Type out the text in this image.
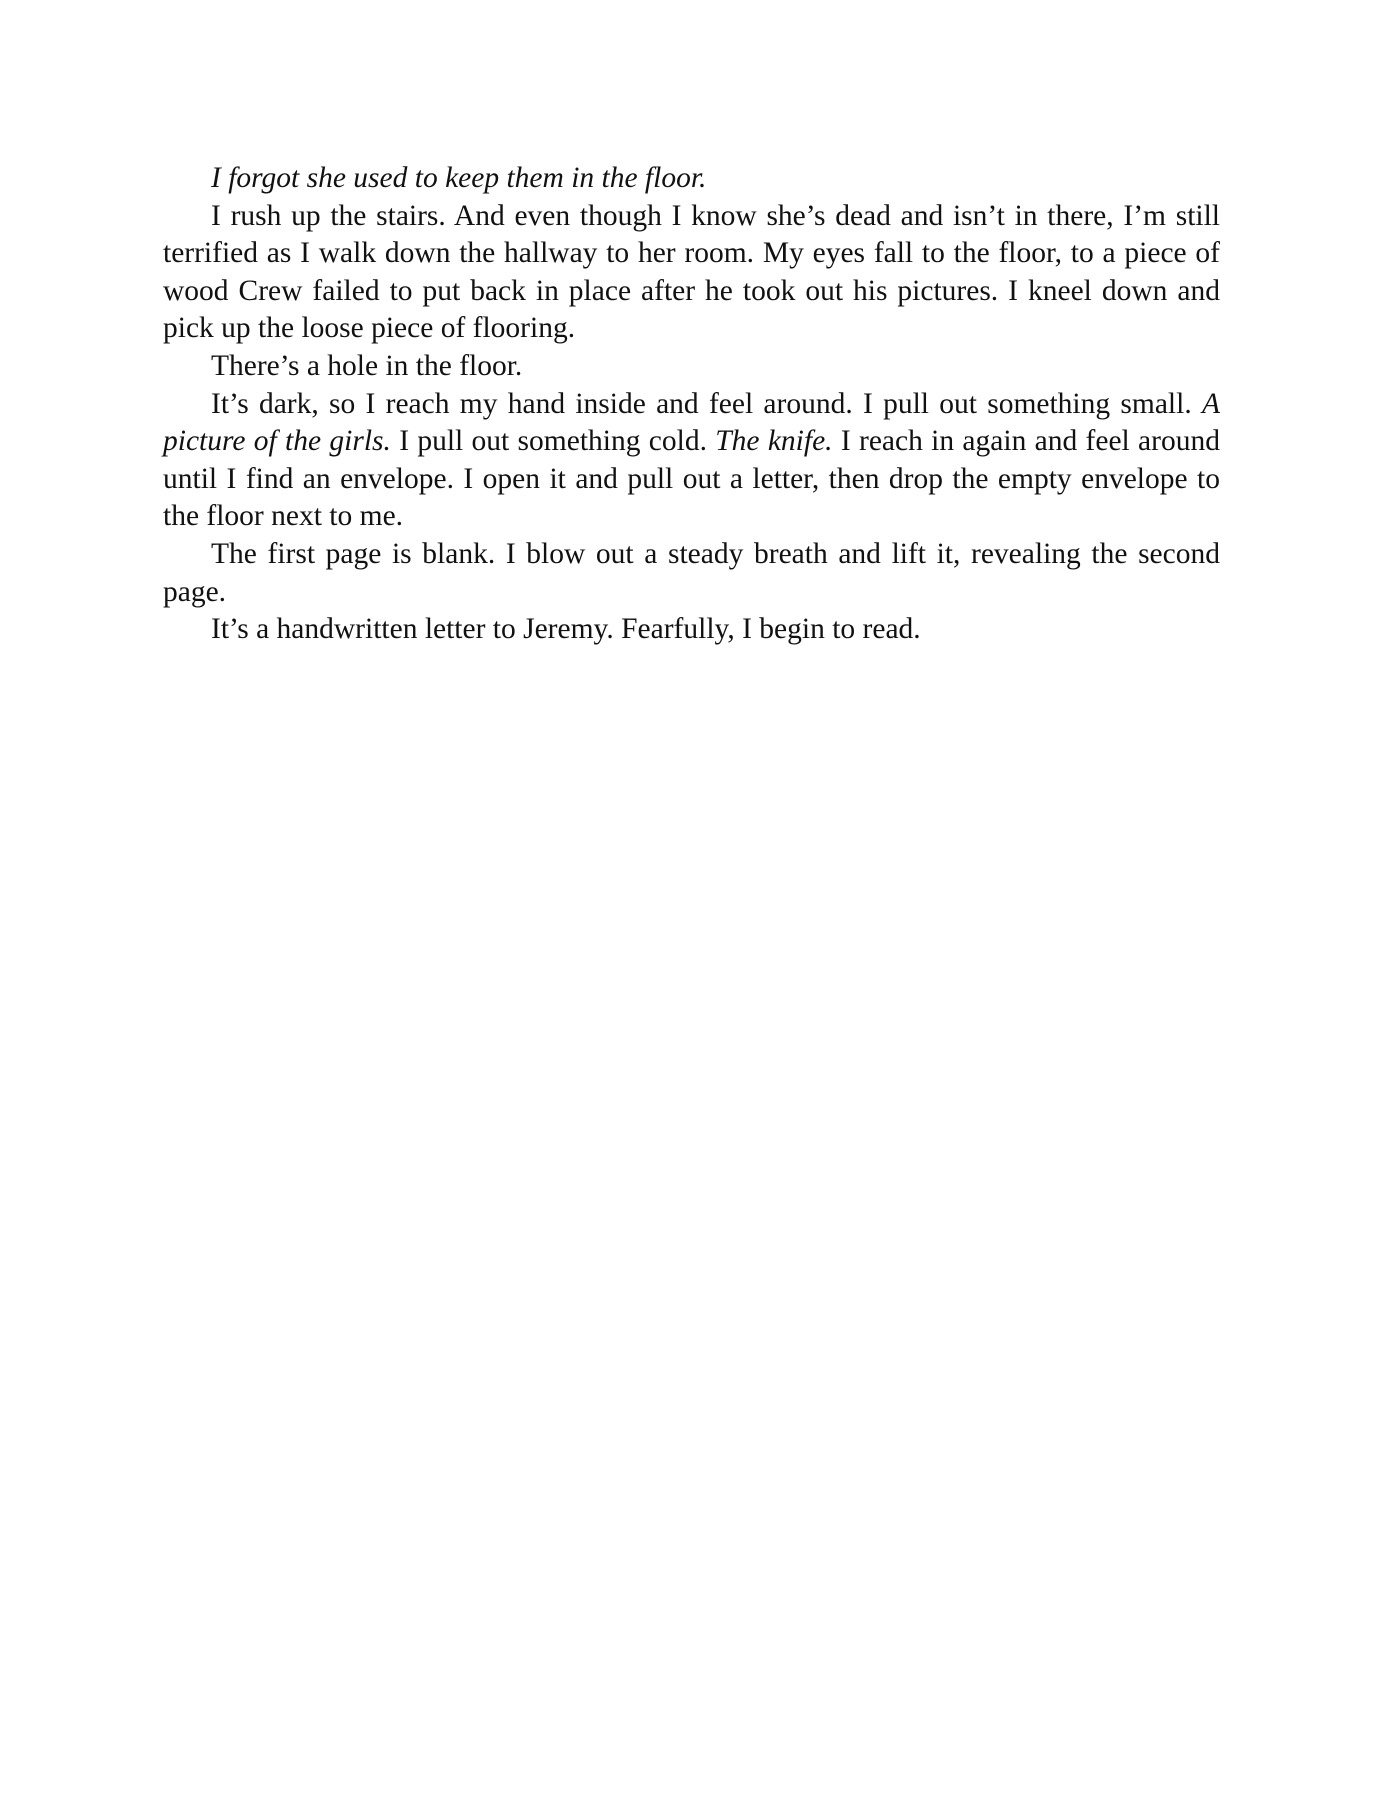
I forgot she used to keep them in the floor.

I rush up the stairs. And even though I know she’s dead and isn’t in there, I’m still terrified as I walk down the hallway to her room. My eyes fall to the floor, to a piece of wood Crew failed to put back in place after he took out his pictures. I kneel down and pick up the loose piece of flooring.

There’s a hole in the floor.

It’s dark, so I reach my hand inside and feel around. I pull out something small. A picture of the girls. I pull out something cold. The knife. I reach in again and feel around until I find an envelope. I open it and pull out a letter, then drop the empty envelope to the floor next to me.

The first page is blank. I blow out a steady breath and lift it, revealing the second page.

It’s a handwritten letter to Jeremy. Fearfully, I begin to read.
